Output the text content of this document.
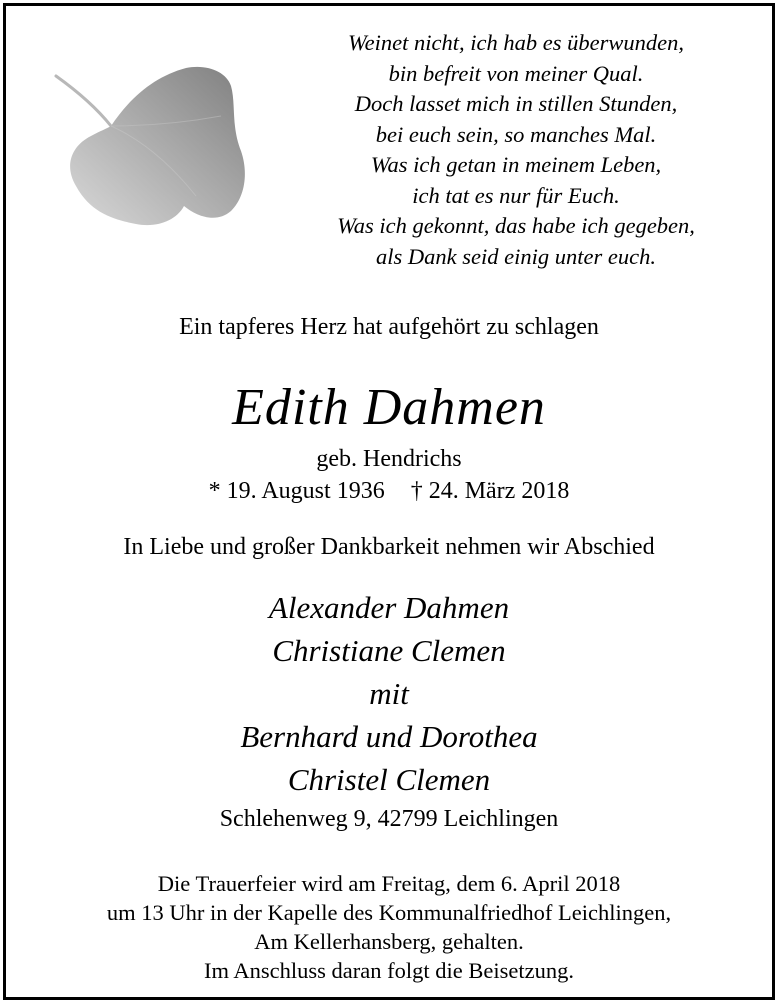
Weinet nicht, ich hab es überwunden,
bin befreit von meiner Qual.
Doch lasset mich in stillen Stunden,
bei euch sein, so manches Mal.
Was ich getan in meinem Leben,
ich tat es nur für Euch.
Was ich gekonnt, das habe ich gegeben,
als Dank seid einig unter euch.
Ein tapferes Herz hat aufgehört zu schlagen
Edith Dahmen
geb. Hendrichs
* 19. August 1936 † 24. März 2018
In Liebe und großer Dankbarkeit nehmen wir Abschied
Alexander Dahmen
Christiane Clemen
mit
Bernhard und Dorothea
Christel Clemen
Schlehenweg 9, 42799 Leichlingen
Die Trauerfeier wird am Freitag, dem 6. April 2018
um 13 Uhr in der Kapelle des Kommunalfriedhof Leichlingen,
Am Kellerhansberg, gehalten.
Im Anschluss daran folgt die Beisetzung.
